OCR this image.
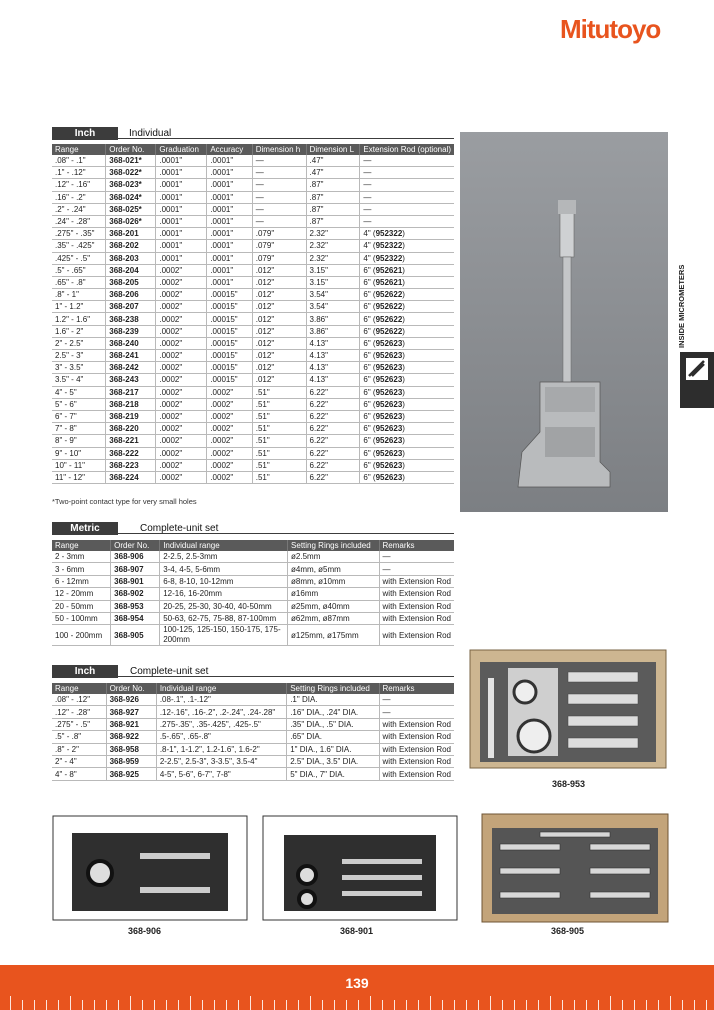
Mitutoyo
INSIDE MICROMETERS
Inch	Individual
Range	Order No.	Graduation	Accuracy	Dimension h	Dimension L	Extension Rod (optional)
.08" - .1"	368-021*	.0001"	.0001"	—	.47"	—
.1" - .12"	368-022*	.0001"	.0001"	—	.47"	—
.12" - .16"	368-023*	.0001"	.0001"	—	.87"	—
.16" - .2"	368-024*	.0001"	.0001"	—	.87"	—
.2" - .24"	368-025*	.0001"	.0001"	—	.87"	—
.24" - .28"	368-026*	.0001"	.0001"	—	.87"	—
.275" - .35"	368-201	.0001"	.0001"	.079"	2.32"	4" (952322)
.35" - .425"	368-202	.0001"	.0001"	.079"	2.32"	4" (952322)
.425" - .5"	368-203	.0001"	.0001"	.079"	2.32"	4" (952322)
.5" - .65"	368-204	.0002"	.0001"	.012"	3.15"	6" (952621)
.65" - .8"	368-205	.0002"	.0001"	.012"	3.15"	6" (952621)
.8" - 1"	368-206	.0002"	.00015"	.012"	3.54"	6" (952622)
1" - 1.2"	368-207	.0002"	.00015"	.012"	3.54"	6" (952622)
1.2" - 1.6"	368-238	.0002"	.00015"	.012"	3.86"	6" (952622)
1.6" - 2"	368-239	.0002"	.00015"	.012"	3.86"	6" (952622)
2" - 2.5"	368-240	.0002"	.00015"	.012"	4.13"	6" (952623)
2.5" - 3"	368-241	.0002"	.00015"	.012"	4.13"	6" (952623)
3" - 3.5"	368-242	.0002"	.00015"	.012"	4.13"	6" (952623)
3.5" - 4"	368-243	.0002"	.00015"	.012"	4.13"	6" (952623)
4" - 5"	368-217	.0002"	.0002"	.51"	6.22"	6" (952623)
5" - 6"	368-218	.0002"	.0002"	.51"	6.22"	6" (952623)
6" - 7"	368-219	.0002"	.0002"	.51"	6.22"	6" (952623)
7" - 8"	368-220	.0002"	.0002"	.51"	6.22"	6" (952623)
8" - 9"	368-221	.0002"	.0002"	.51"	6.22"	6" (952623)
9" - 10"	368-222	.0002"	.0002"	.51"	6.22"	6" (952623)
10" - 11"	368-223	.0002"	.0002"	.51"	6.22"	6" (952623)
11" - 12"	368-224	.0002"	.0002"	.51"	6.22"	6" (952623)
*Two-point contact type for very small holes
Metric	Complete-unit set
Range	Order No.	Individual range	Setting Rings included	Remarks
2 - 3mm	368-906	2-2.5, 2.5-3mm	ø2.5mm	—
3 - 6mm	368-907	3-4, 4-5, 5-6mm	ø4mm, ø5mm	—
6 - 12mm	368-901	6-8, 8-10, 10-12mm	ø8mm, ø10mm	with Extension Rod
12 - 20mm	368-902	12-16, 16-20mm	ø16mm	with Extension Rod
20 - 50mm	368-953	20-25, 25-30, 30-40, 40-50mm	ø25mm, ø40mm	with Extension Rod
50 - 100mm	368-954	50-63, 62-75, 75-88, 87-100mm	ø62mm, ø87mm	with Extension Rod
100 - 200mm	368-905	100-125, 125-150, 150-175, 175-200mm	ø125mm, ø175mm	with Extension Rod
Inch	Complete-unit set
Range	Order No.	Individual range	Setting Rings included	Remarks
.08" - .12"	368-926	.08-.1", .1-.12"	.1" DIA.	—
.12" - .28"	368-927	.12-.16", .16-.2", .2-.24", .24-.28"	.16" DIA., .24" DIA.	—
.275" - .5"	368-921	.275-.35", .35-.425", .425-.5"	.35" DIA., .5" DIA.	with Extension Rod
.5" - .8"	368-922	.5-.65", .65-.8"	.65" DIA.	with Extension Rod
.8" - 2"	368-958	.8-1", 1-1.2", 1.2-1.6", 1.6-2"	1" DIA., 1.6" DIA.	with Extension Rod
2" - 4"	368-959	2-2.5", 2.5-3", 3-3.5", 3.5-4"	2.5" DIA., 3.5" DIA.	with Extension Rod
4" - 8"	368-925	4-5", 5-6", 6-7", 7-8"	5" DIA., 7" DIA.	with Extension Rod
368-953
368-906	368-901	368-905
139
